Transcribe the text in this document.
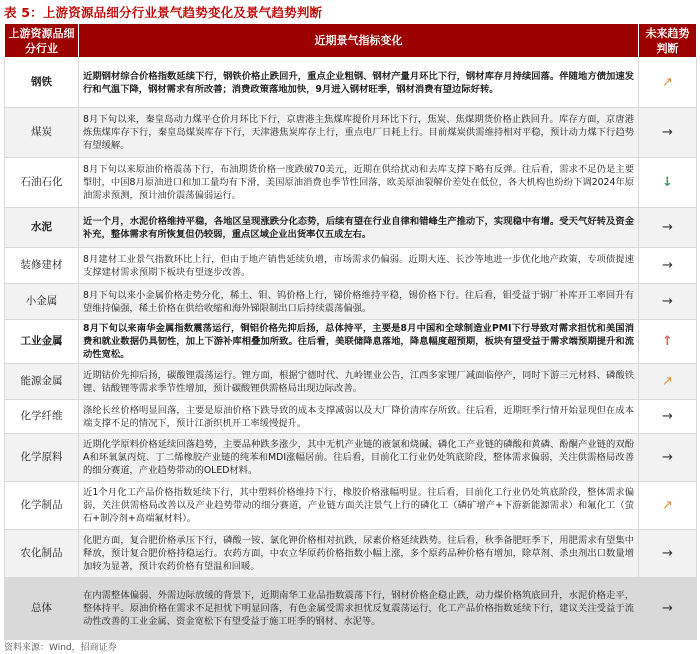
表 5：上游资源品细分行业景气趋势变化及景气趋势判断
上游资源品细分行业	近期景气指标变化	未来趋势判断
钢铁	近期钢材综合价格指数延续下行，钢铁价格止跌回升，重点企业粗钢、钢材产量月环比下行，钢材库存月持续回落。伴随地方债加速发行和气温下降，钢材需求有所改善；消费政策落地加快，9月进入钢材旺季，钢材消费有望边际好转。	↗
煤炭	8月下旬以来，秦皇岛动力煤平仓价月环比下行，京唐港主焦煤库提价月环比下行，焦炭、焦煤期货价格止跌回升。库存方面，京唐港炼焦煤库存下行，秦皇岛煤炭库存下行，天津港焦炭库存上行，重点电厂日耗上行。目前煤炭供需维持相对平稳，预计动力煤下行趋势有望缓解。	→
石油石化	8月下旬以来原油价格震荡下行，布油期货价格一度跌破70美元，近期在供给扰动和去库支撑下略有反弹。往后看，需求不足仍是主要掣肘，中国8月原油进口和加工量均有下滑，美国原油消费也季节性回落，欧美原油裂解价差处在低位，各大机构也纷纷下调2024年原油需求预测，预计油价震荡偏弱运行。	↓
水泥	近一个月，水泥价格维持平稳，各地区呈现涨跌分化态势，后续有望在行业自律和错峰生产推动下，实现稳中有增。受天气好转及资金补充，整体需求有所恢复但仍较弱，重点区域企业出货率仅五成左右。	→
装修建材	8月建材工业景气指数环比上行，但由于地产销售延续负增，市场需求仍偏弱。近期大连、长沙等地进一步优化地产政策，专项债提速支撑建材需求预期下板块有望逐步改善。	→
小金属	8月下旬以来小金属价格走势分化，稀土、钼、钨价格上行，锑价格维持平稳，锡价格下行。往后看，钼受益于钢厂补库开工率回升有望维持偏强，稀土价格在供给收缩和海外锑限制出口后持续震荡偏强。	→
工业金属	8月下旬以来南华金属指数震荡运行，铜铝价格先抑后扬，总体持平，主要是8月中国和全球制造业PMI下行导致对需求担忧和美国消费和就业数据仍具韧性，加上下游补库相叠加所致。往后看，美联储降息落地，降息幅度超预期，板块有望受益于需求端预期提升和流动性宽松。	↑
能源金属	近期钴价先抑后扬，碳酸锂震荡运行。锂方面，根据宁德时代、九岭锂业公告，江西多家锂厂减面临停产，同时下游三元材料、磷酸铁锂、钴酸锂等需求季节性增加，预计碳酸锂供需格局出现边际改善。	↗
化学纤维	涤纶长丝价格明显回落，主要是原油价格下跌导致的成本支撑减弱以及大厂降价清库存所致。往后看，近期旺季行情开始显现但在成本端支撑不足的情况下，预计江浙织机开工率缓慢提升。	→
化学原料	近期化学原料价格延续回落趋势，主要品种跌多涨少，其中无机产业链的液氯和烧碱、磷化工产业链的磷酸和黄磷、酚酮产业链的双酚A和环氧氯丙烷、丁二烯橡胶产业链的纯苯和MDI涨幅居前。往后看，目前化工行业仍处筑底阶段，整体需求偏弱，关注供需格局改善的细分赛道，产业趋势带动的OLED材料。	→
化学制品	近1个月化工产品价格指数延续下行，其中塑料价格维持下行，橡胶价格涨幅明显。往后看，目前化工行业仍处筑底阶段，整体需求偏弱，关注供需格局改善以及产业趋势带动的细分赛道，产业链方面关注景气上行的磷化工（磷矿增产+下游新能源需求）和氟化工（萤石+制冷剂+高端氟材料）。	↗
农化制品	化肥方面，复合肥价格承压下行，磷酸一铵、氯化钾价格相对抗跌，尿素价格延续跌势。往后看，秋季备肥旺季下，用肥需求有望集中释放，预计复合肥价格持稳运行。农药方面，中农立华原药价格指数小幅上涨，多个原药品种价格有增加，除草剂、杀虫剂出口数量增加较为显著，预计农药价格有望温和回暖。	→
总体	在内需整体偏弱、外需边际放缓的背景下，近期南华工业品指数震荡下行，钢材价格企稳止跌，动力煤价格筑底回升，水泥价格走平，整体持平。原油价格在需求不足担忧下明显回落，有色金属受需求担忧反复震荡运行，化工产品价格指数延续下行，建议关注受益于流动性改善的工业金属、资金宽松下有望受益于施工旺季的钢材、水泥等。	→
资料来源：Wind，招商证券
